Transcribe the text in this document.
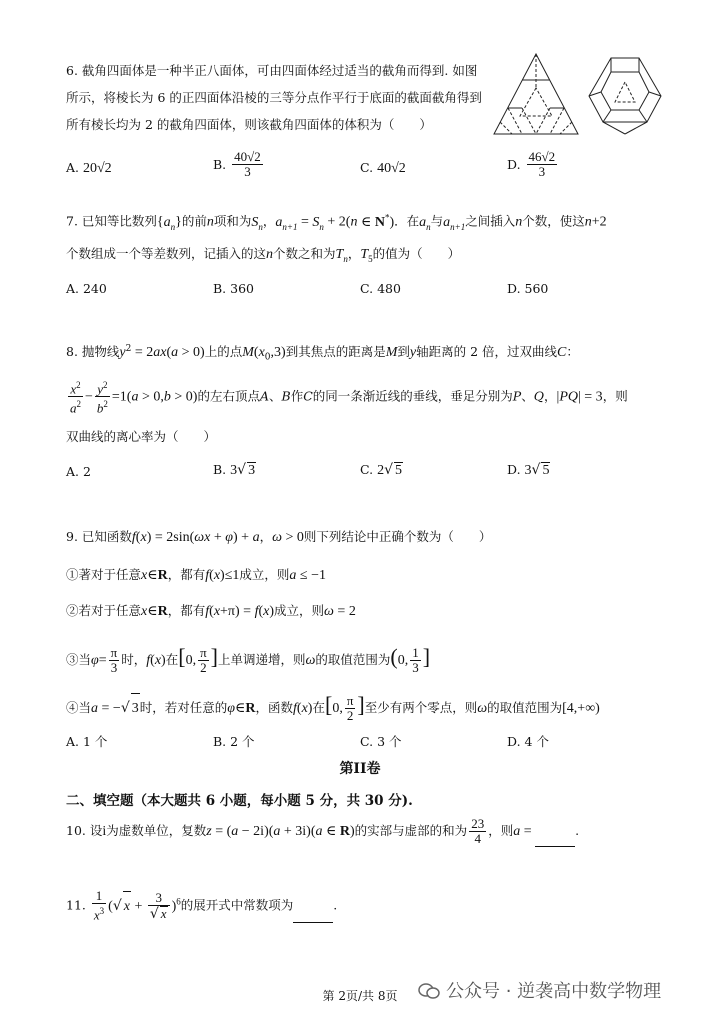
6. 截角四面体是一种半正八面体，可由四面体经过适当的截角而得到. 如图
所示，将棱长为 6 的正四面体沿棱的三等分点作平行于底面的截面截角得到
所有棱长均为 2 的截角四面体，则该截角四面体的体积为（　　）
A. 20√2	B. $\frac{40√2}{3}$	C. 40√2	D. $\frac{46√2}{3}$
7. 已知等比数列$\{a_n\}$的前n项和为$S_n$，$a_{n+1} = S_n + 2(n$ ∈ N*)．在$a_n$与$a_{n+1}$之间插入n个数，使这n+2
个数组成一个等差数列，记插入的这n个数之和为$T_n$，$T_5$的值为（　　）
A. 240	B. 360	C. 480	D. 560
8. 抛物线$y^2 = 2ax(a > 0)$上的点$M(x_0,3)$到其焦点的距离是M到y轴距离的 2 倍，过双曲线C：
$\frac{x^2}{a^2} - \frac{y^2}{b^2} =1(a > 0,b > 0)$的左右顶点A、B作C的同一条渐近线的垂线，垂足分别为P、Q，|PQ| = 3，则
双曲线的离心率为（　　）
A. 2	B. 3√ 3	C. 2√ 5	D. 3√ 5
9. 已知函数f(x) = 2sin(ωx + φ) + a，ω > 0则下列结论中正确个数为（　　）
①著对于任意x∈R，都有f(x)≤1成立，则a ≤ −1
②若对于任意x∈R，都有f(x+π) = f(x)成立，则ω = 2
③当$\varphi= \frac{\pi}{3}$ 时，f(x)在[0, $\frac{\pi}{2}$ ]上单调递增，则ω的取值范围为(0, $\frac{1}{3}$ ]
④当a = −√ 3时，若对任意的φ∈R，函数f(x)在[0, $\frac{\pi}{2}$ ]至少有两个零点，则ω的取值范围为[4,+∞)
A. 1 个	B. 2 个	C. 3 个	D. 4 个
第II卷
二、填空题（本大题共 6 小题，每小题 5 分，共 30 分).
10. 设i为虚数单位，复数z = (a − 2i)(a + 3i)(a ∈ R)的实部与虚部的和为 $\frac{23}{4}$ ，则a =	.
11. $\frac{1}{x^3}$ (√ $x + \frac{3}{√ x} )^6$的展开式中常数项为	.
第 2页/共 8页	公众号 · 逆袭高中数学物理
